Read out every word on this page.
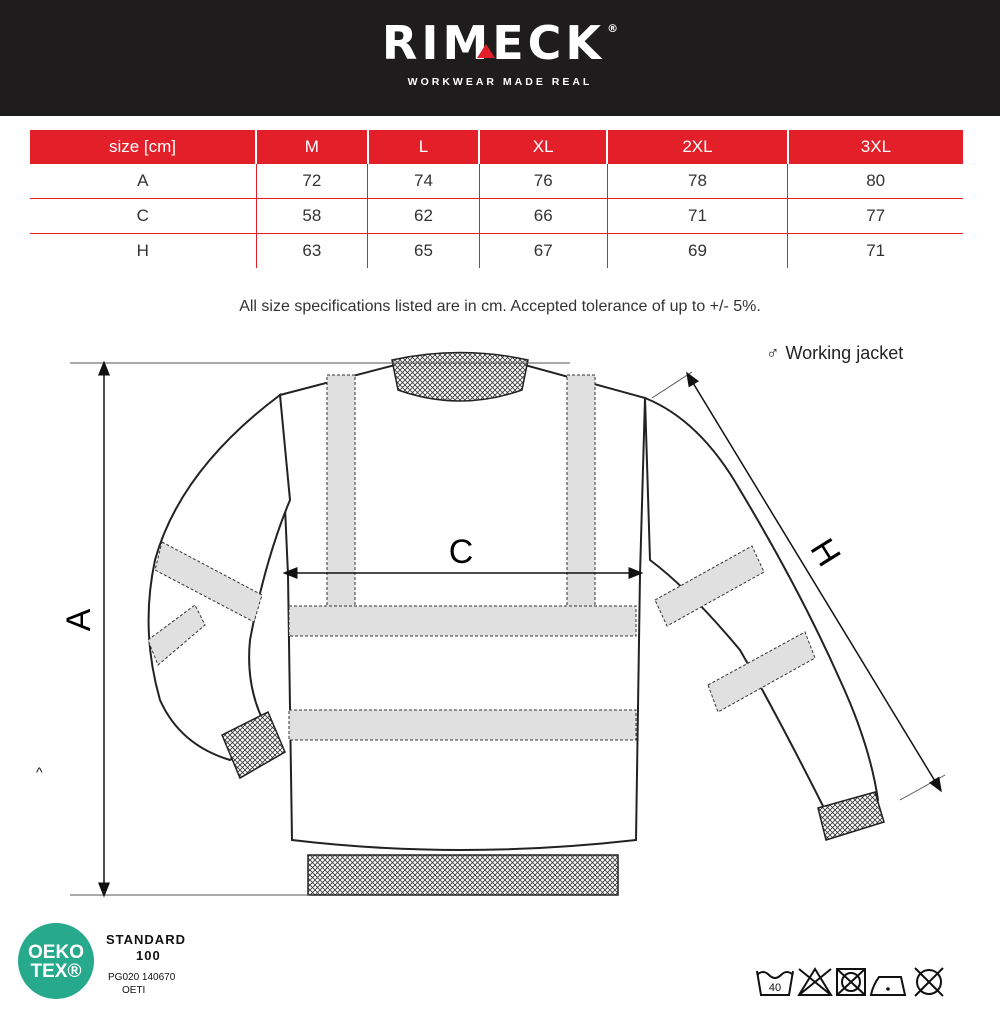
RIMECK ®
WORKWEAR MADE REAL
size [cm]	M	L	XL	2XL	3XL
A	72	74	76	78	80
C	58	62	66	71	77
H	63	65	67	69	71
All size specifications listed are in cm. Accepted tolerance of up to +/- 5%.
♂ Working jacket
A
C	H
^
OEKO
TEX®
STANDARD
100
PG020 140670
OETI	40
